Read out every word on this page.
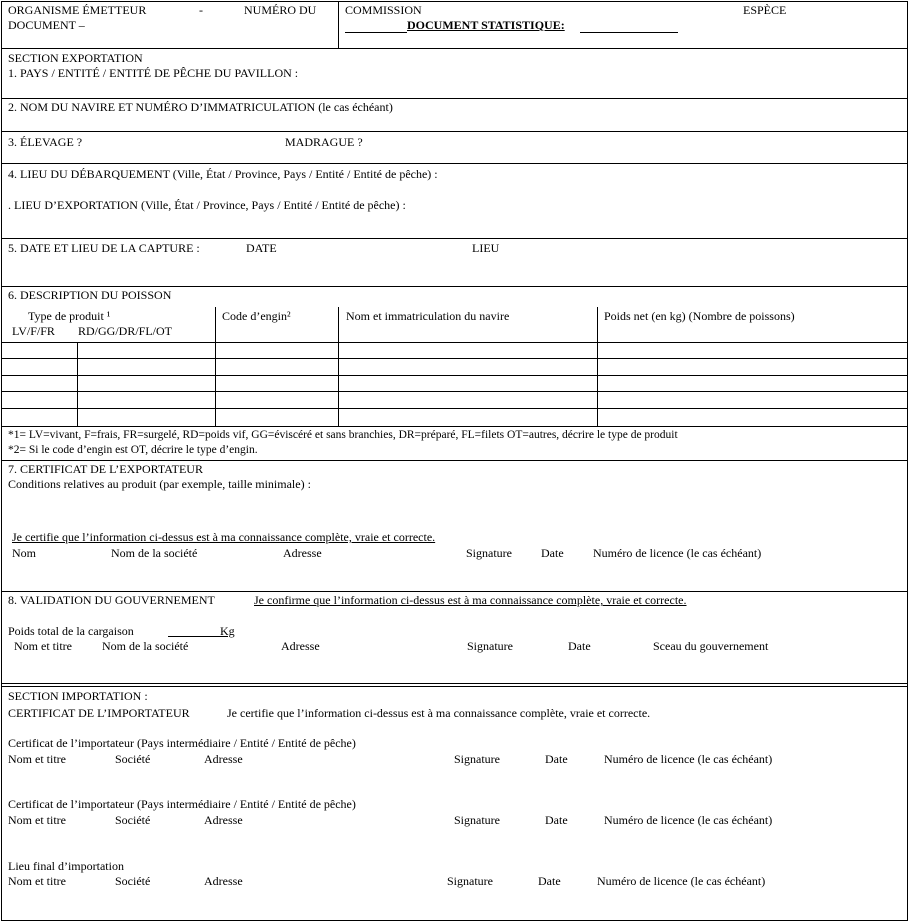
ORGANISME ÉMETTEUR	-	NUMÉRO DU
DOCUMENT –
COMMISSION	ESPÈCE
DOCUMENT STATISTIQUE:
SECTION EXPORTATION
1. PAYS / ENTITÉ / ENTITÉ DE PÊCHE DU PAVILLON :
2. NOM DU NAVIRE ET NUMÉRO D’IMMATRICULATION (le cas échéant)
3. ÉLEVAGE ?	MADRAGUE ?
4. LIEU DU DÉBARQUEMENT (Ville, État / Province, Pays / Entité / Entité de pêche) :
. LIEU D’EXPORTATION (Ville, État / Province, Pays / Entité / Entité de pêche) :
5. DATE ET LIEU DE LA CAPTURE :	DATE	LIEU
6. DESCRIPTION DU POISSON
Type de produit ¹
LV/F/FR RD/GG/DR/FL/OT
Code d’engin²	Nom et immatriculation du navire	Poids net (en kg) (Nombre de poissons)
*1= LV=vivant, F=frais, FR=surgelé, RD=poids vif, GG=éviscéré et sans branchies, DR=préparé, FL=filets OT=autres, décrire le type de produit
*2= Si le code d’engin est OT, décrire le type d’engin.
7. CERTIFICAT DE L’EXPORTATEUR
Conditions relatives au produit (par exemple, taille minimale) :
Je certifie que l’information ci-dessus est à ma connaissance complète, vraie et correcte.
Nom	Nom de la société	Adresse	Signature Date Numéro de licence (le cas échéant)
8. VALIDATION DU GOUVERNEMENT	Je confirme que l’information ci-dessus est à ma connaissance complète, vraie et correcte.
Poids total de la cargaison	Kg
Nom et titre	Nom de la société	Adresse	Signature	Date	Sceau du gouvernement
SECTION IMPORTATION :
CERTIFICAT DE L’IMPORTATEUR	Je certifie que l’information ci-dessus est à ma connaissance complète, vraie et correcte.
Certificat de l’importateur (Pays intermédiaire / Entité / Entité de pêche)
Nom et titre	Société	Adresse	Signature	Date	Numéro de licence (le cas échéant)
Certificat de l’importateur (Pays intermédiaire / Entité / Entité de pêche)
Nom et titre	Société	Adresse	Signature	Date	Numéro de licence (le cas échéant)
Lieu final d’importation
Nom et titre	Société	Adresse	Signature	Date	Numéro de licence (le cas échéant)
